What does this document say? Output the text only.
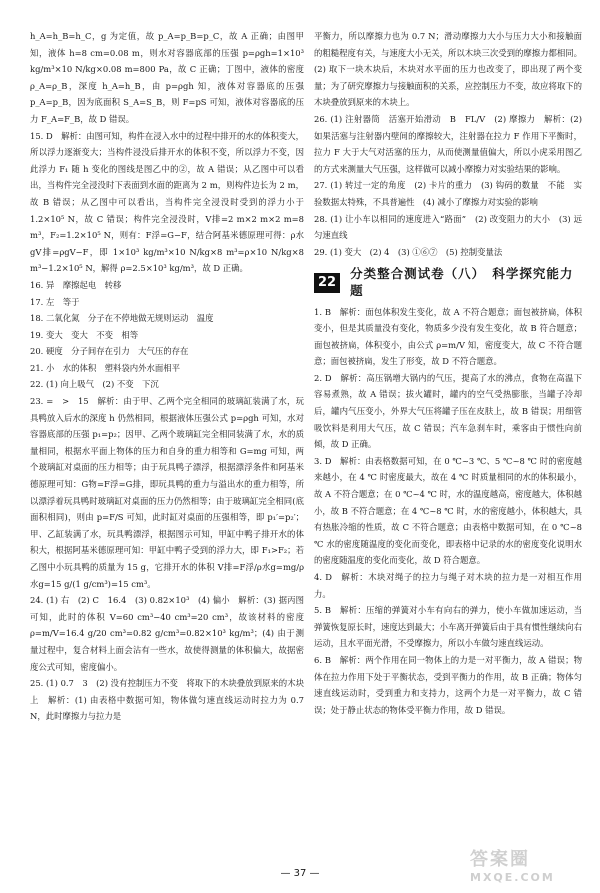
h_A=h_B=h_C，g 为定值，故 p_A=p_B=p_C，故 A 正确；由图甲知，液体 h=8 cm=0.08 m，则水对容器底部的压强 p=ρgh=1×10³ kg/m³×10 N/kg×0.08 m=800 Pa，故 C 正确；丁图中，液体的密度 ρ_A=ρ_B，深度 h_A=h_B，由 p=ρgh 知，液体对容器底的压强 p_A=p_B，因为底面积 S_A=S_B，则 F=pS 可知，液体对容器底的压力 F_A=F_B，故 D 错误。

15. D　解析：由图可知，构件在浸入水中的过程中排开的水的体积变大，所以浮力逐渐变大；当构件浸没后排开水的体积不变，所以浮力不变，因此浮力 F₁ 随 h 变化的图线是图乙中的②，故 A 错误；从乙图中可以看出，当构件完全浸没时下表面到水面的距离为 2 m，则构件边长为 2 m，故 B 错误；从乙图中可以看出，当构件完全浸没时受到的浮力小于 1.2×10⁵ N，故 C 错误；构件完全浸没时，V排=2 m×2 m×2 m=8 m³，F₂=1.2×10⁵ N，则有：F浮=G−F，结合阿基米德原理可得：ρ水gV排=ρgV−F，即 1×10³ kg/m³×10 N/kg×8 m³=ρ×10 N/kg×8 m³−1.2×10⁵ N，解得 ρ=2.5×10³ kg/m³，故 D 正确。

16. 异　摩擦起电　转移

17. 左　等于

18. 二氧化氮　分子在不停地做无规则运动　温度

19. 变大　变大　不变　相等

20. 硬度　分子间存在引力　大气压的存在

21. 小　水的体积　塑料袋内外水面相平

22. (1) 向上吸气　(2) 不变　下沉

23. =　>　15　解析：由于甲、乙两个完全相同的玻璃缸装满了水，玩具鸭放入后水的深度 h 仍然相同，根据液体压强公式 p=ρgh 可知，水对容器底部的压强 p₁=p₂；因甲、乙两个玻璃缸完全相同装满了水，水的质量相同，根据水平面上物体的压力和自身的重力相等和 G=mg 可知，两个玻璃缸对桌面的压力相等；由于玩具鸭子漂浮，根据漂浮条件和阿基米德原理可知：G物=F浮=G排，即玩具鸭的重力与溢出水的重力相等，所以漂浮着玩具鸭时玻璃缸对桌面的压力仍然相等；由于玻璃缸完全相同(底面积相同)，则由 p=F/S 可知，此时缸对桌面的压强相等，即 p₁′=p₂′；甲、乙缸装满了水，玩具鸭漂浮，根据图示可知，甲缸中鸭子排开水的体积大，根据阿基米德原理可知：甲缸中鸭子受到的浮力大，即 F₁>F₂；若乙图中小玩具鸭的质量为 15 g，它排开水的体积 V排=F浮/ρ水g=mg/ρ水g=15 g/(1 g/cm³)=15 cm³。

24. (1) 右　(2) C　16.4　(3) 0.82×10³　(4) 偏小　解析：(3) 据丙图可知，此时的体积 V=60 cm³−40 cm³=20 cm³，故该材料的密度 ρ=m/V=16.4 g/20 cm³=0.82 g/cm³=0.82×10³ kg/m³；(4) 由于测量过程中，复合材料上面会沾有一些水，故使得测量的体积偏大，故据密度公式可知，密度偏小。

25. (1) 0.7　3　(2) 没有控制压力不变　将取下的木块叠放到原来的木块上　解析：(1) 由表格中数据可知，物体做匀速直线运动时拉力为 0.7 N，此时摩擦力与拉力是

平衡力，所以摩擦力也为 0.7 N；滑动摩擦力大小与压力大小和接触面的粗糙程度有关，与速度大小无关，所以木块三次受到的摩擦力都相同。(2) 取下一块木块后，木块对水平面的压力也改变了，即出现了两个变量；为了研究摩擦力与接触面积的关系，应控制压力不变，故应将取下的木块叠放到原来的木块上。

26. (1) 注射器筒　活塞开始滑动　B　FL/V　(2) 摩擦力　解析：(2) 如果活塞与注射器内壁间的摩擦较大，注射器在拉力 F 作用下平衡时，拉力 F 大于大气对活塞的压力，从而使测量值偏大，所以小虎采用图乙的方式来测量大气压强，这样做可以减小摩擦力对实验结果的影响。

27. (1) 转过一定的角度　(2) 卡片的重力　(3) 钩码的数量　不能　实验数据太特殊，不具普遍性　(4) 减小了摩擦力对实验的影响

28. (1) 让小车以相同的速度进入“路面”　(2) 改变阻力的大小　(3) 远　匀速直线

29. (1) 变大　(2) 4　(3) ①⑥⑦　(5) 控制变量法

22
分类整合测试卷（八）　科学探究能力题

1. B　解析：面包体积发生变化，故 A 不符合题意；面包被挤扁，体积变小，但是其质量没有变化，物质多少没有发生变化，故 B 符合题意；面包被挤扁，体积变小，由公式 ρ=m/V 知，密度变大，故 C 不符合题意；面包被挤扁，发生了形变，故 D 不符合题意。

2. D　解析：高压锅增大锅内的气压，提高了水的沸点，食物在高温下容易煮熟，故 A 错误；拔火罐时，罐内的空气受热膨胀，当罐子冷却后，罐内气压变小，外界大气压将罐子压在皮肤上，故 B 错误；用细管吸饮料是利用大气压，故 C 错误；汽车急刹车时，乘客由于惯性向前倾，故 D 正确。

3. D　解析：由表格数据可知，在 0 ℃~3 ℃、5 ℃~8 ℃ 时的密度越来越小，在 4 ℃ 时密度最大，故在 4 ℃ 时质量相同的水的体积最小，故 A 不符合题意；在 0 ℃~4 ℃ 时，水的温度越高，密度越大，体积越小，故 B 不符合题意；在 4 ℃~8 ℃ 时，水的密度越小，体积越大，具有热胀冷缩的性质，故 C 不符合题意；由表格中数据可知，在 0 ℃~8 ℃ 水的密度随温度的变化而变化，即表格中记录的水的密度变化说明水的密度随温度的变化而变化，故 D 符合题意。

4. D　解析：木块对绳子的拉力与绳子对木块的拉力是一对相互作用力。

5. B　解析：压缩的弹簧对小车有向右的弹力，使小车做加速运动，当弹簧恢复原长时，速度达到最大；小车离开弹簧后由于具有惯性继续向右运动，且水平面光滑，不受摩擦力，所以小车做匀速直线运动。

6. B　解析：两个作用在同一物体上的力是一对平衡力，故 A 错误；物体在拉力作用下处于平衡状态，受到平衡力的作用，故 B 正确；物体匀速直线运动时，受到重力和支持力，这两个力是一对平衡力，故 C 错误；处于静止状态的物体受平衡力作用，故 D 错误。

— 37 —
答案圈
MXQE.COM
